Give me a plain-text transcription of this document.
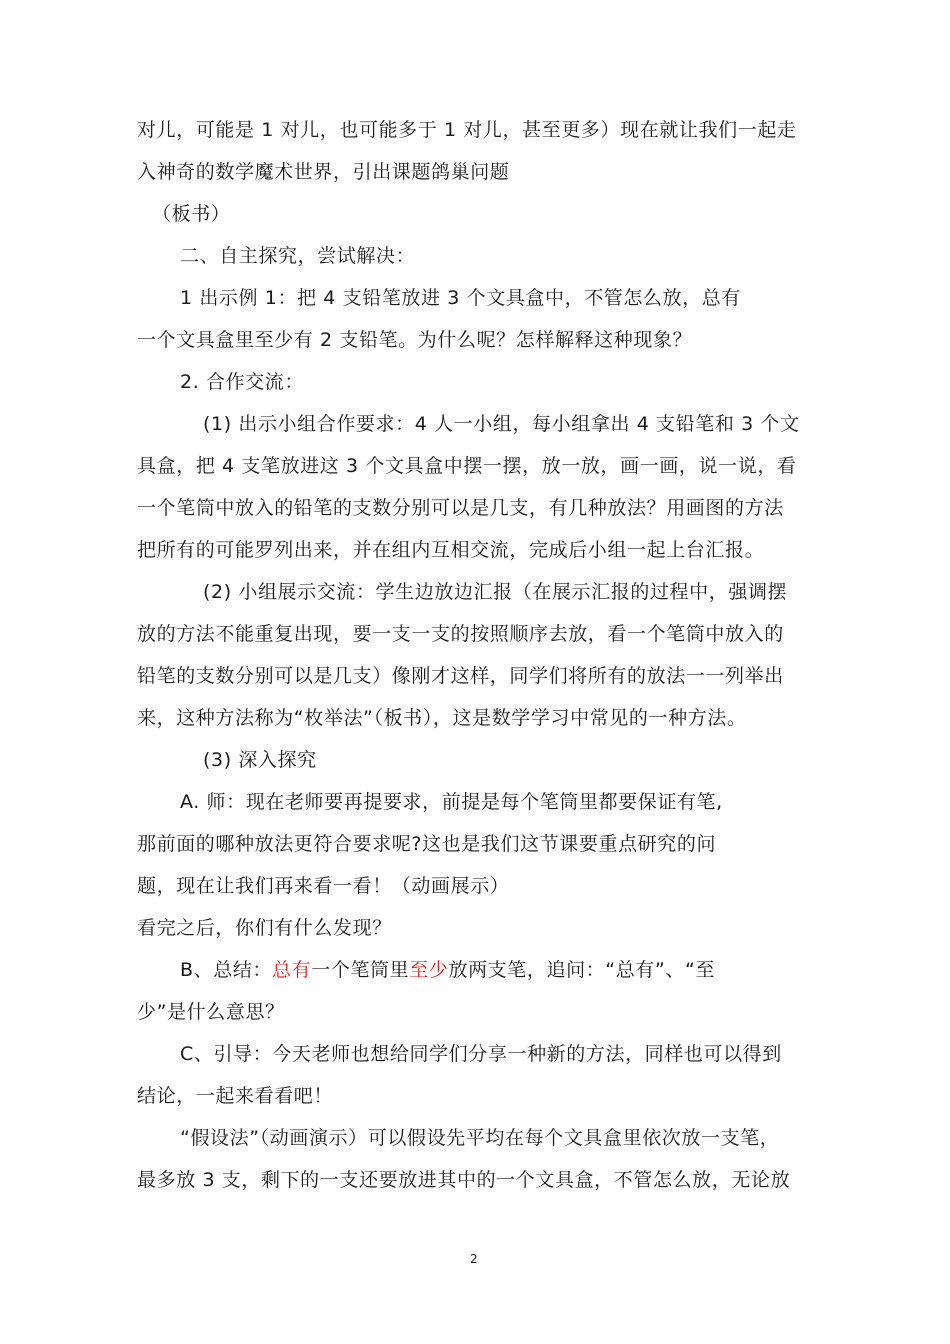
对儿，可能是 1 对儿，也可能多于 1 对儿，甚至更多）现在就让我们一起走
入神奇的数学魔术世界，引出课题鸽巢问题
（板书）
二、自主探究，尝试解决：
1 出示例 1：把 4 支铅笔放进 3 个文具盒中，不管怎么放，总有
一个文具盒里至少有 2 支铅笔。为什么呢？怎样解释这种现象？
2. 合作交流：
(1) 出示小组合作要求：4 人一小组，每小组拿出 4 支铅笔和 3 个文
具盒，把 4 支笔放进这 3 个文具盒中摆一摆，放一放，画一画，说一说，看
一个笔筒中放入的铅笔的支数分别可以是几支，有几种放法？用画图的方法
把所有的可能罗列出来，并在组内互相交流，完成后小组一起上台汇报。
(2) 小组展示交流：学生边放边汇报（在展示汇报的过程中，强调摆
放的方法不能重复出现，要一支一支的按照顺序去放，看一个笔筒中放入的
铅笔的支数分别可以是几支）像刚才这样，同学们将所有的放法一一列举出
来，这种方法称为“枚举法”（板书），这是数学学习中常见的一种方法。
(3) 深入探究
A. 师：现在老师要再提要求，前提是每个笔筒里都要保证有笔,
那前面的哪种放法更符合要求呢?这也是我们这节课要重点研究的问
题，现在让我们再来看一看！（动画展示）
看完之后，你们有什么发现？
B、总结：总有一个笔筒里至少放两支笔，追问：“总有”、“至
少”是什么意思？
C、引导：今天老师也想给同学们分享一种新的方法，同样也可以得到
结论，一起来看看吧！
“假设法”（动画演示）可以假设先平均在每个文具盒里依次放一支笔，
最多放 3 支，剩下的一支还要放进其中的一个文具盒，不管怎么放，无论放
2
